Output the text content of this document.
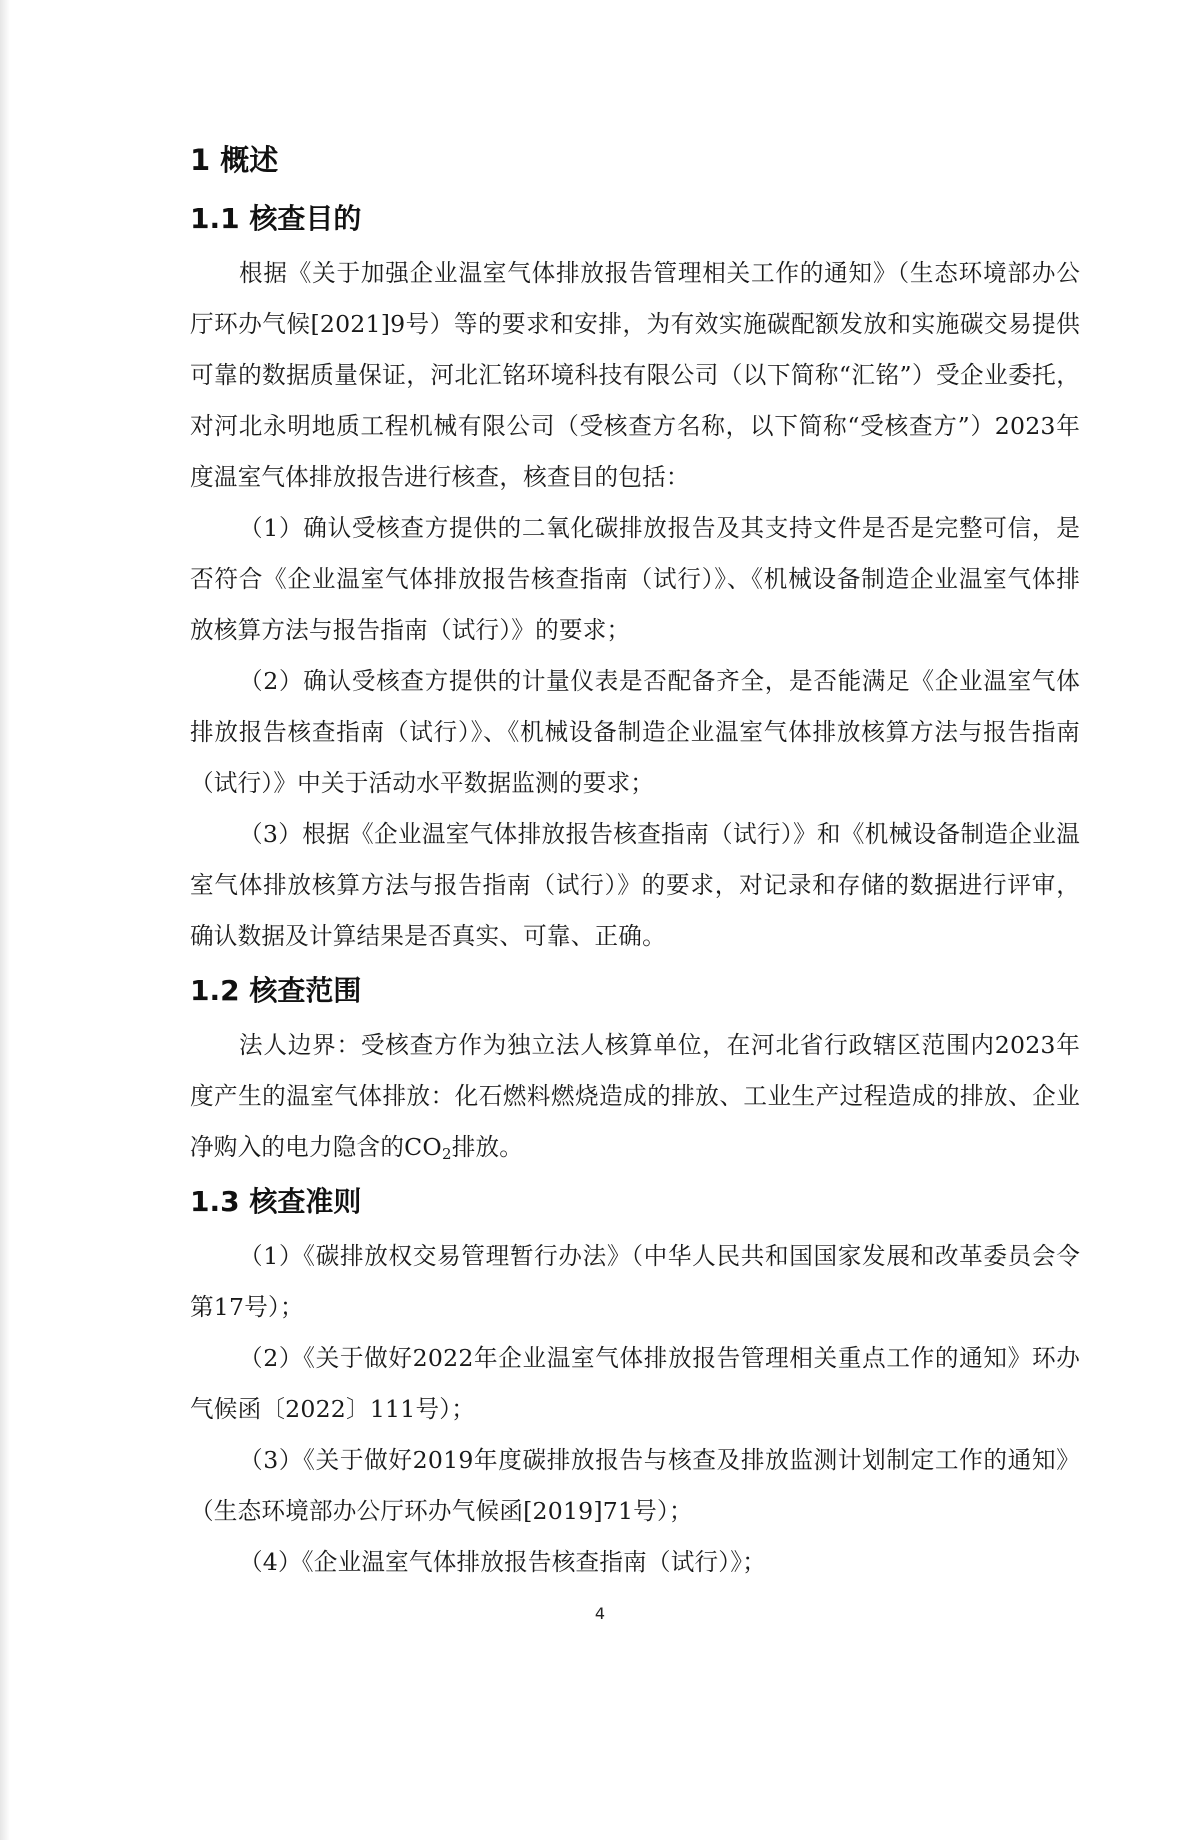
1 概述
1.1 核查目的

根据《关于加强企业温室气体排放报告管理相关工作的通知》（生态环境部办公厅环办气候[2021]9号）等的要求和安排，为有效实施碳配额发放和实施碳交易提供可靠的数据质量保证，河北汇铭环境科技有限公司（以下简称“汇铭”）受企业委托，对河北永明地质工程机械有限公司（受核查方名称，以下简称“受核查方”）2023年度温室气体排放报告进行核查，核查目的包括：

（1）确认受核查方提供的二氧化碳排放报告及其支持文件是否是完整可信，是否符合《企业温室气体排放报告核查指南（试行）》、《机械设备制造企业温室气体排放核算方法与报告指南（试行）》的要求；

（2）确认受核查方提供的计量仪表是否配备齐全，是否能满足《企业温室气体排放报告核查指南（试行）》、《机械设备制造企业温室气体排放核算方法与报告指南（试行）》中关于活动水平数据监测的要求；

（3）根据《企业温室气体排放报告核查指南（试行）》和《机械设备制造企业温室气体排放核算方法与报告指南（试行）》的要求，对记录和存储的数据进行评审，确认数据及计算结果是否真实、可靠、正确。

1.2 核查范围

法人边界：受核查方作为独立法人核算单位，在河北省行政辖区范围内2023年度产生的温室气体排放：化石燃料燃烧造成的排放、工业生产过程造成的排放、企业净购入的电力隐含的$CO_2$排放。

1.3 核查准则

（1）《碳排放权交易管理暂行办法》（中华人民共和国国家发展和改革委员会令第17号）；

（2）《关于做好2022年企业温室气体排放报告管理相关重点工作的通知》环办气候函〔2022〕111号）；

（3）《关于做好2019年度碳排放报告与核查及排放监测计划制定工作的通知》（生态环境部办公厅环办气候函[2019]71号）；

（4）《企业温室气体排放报告核查指南（试行）》；

4
